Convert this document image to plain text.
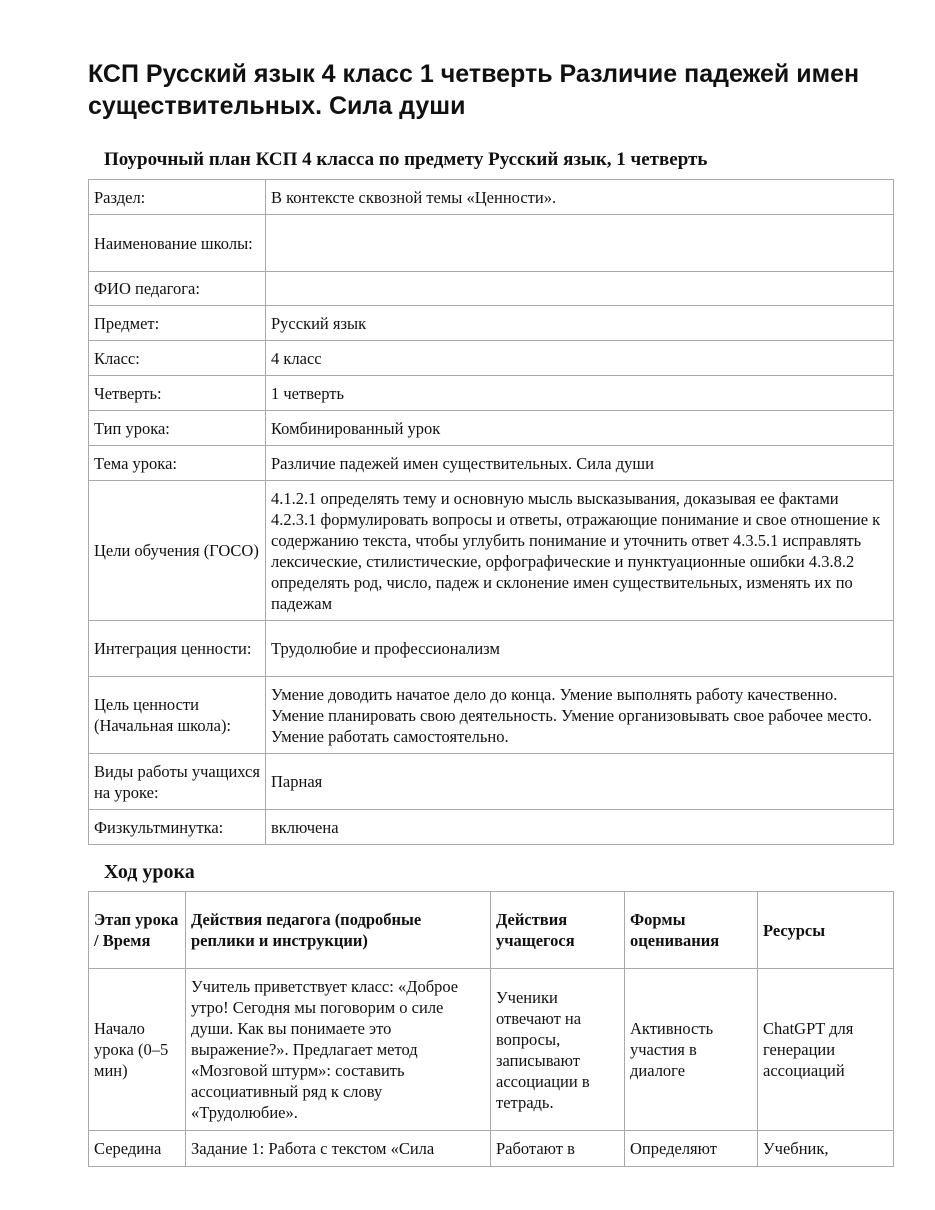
КСП Русский язык 4 класс 1 четверть Различие падежей имен существительных. Сила души
Поурочный план КСП 4 класса по предмету Русский язык, 1 четверть
Раздел:	В контексте сквозной темы «Ценности».
Наименование школы:	
ФИО педагога:	
Предмет:	Русский язык
Класс:	4 класс
Четверть:	1 четверть
Тип урока:	Комбинированный урок
Тема урока:	Различие падежей имен существительных. Сила души
Цели обучения (ГОСО)	4.1.2.1 определять тему и основную мысль высказывания, доказывая ее фактами 4.2.3.1 формулировать вопросы и ответы, отражающие понимание и свое отношение к содержанию текста, чтобы углубить понимание и уточнить ответ 4.3.5.1 исправлять лексические, стилистические, орфографические и пунктуационные ошибки 4.3.8.2 определять род, число, падеж и склонение имен существительных, изменять их по падежам
Интеграция ценности:	Трудолюбие и профессионализм
Цель ценности (Начальная школа):	Умение доводить начатое дело до конца. Умение выполнять работу качественно. Умение планировать свою деятельность. Умение организовывать свое рабочее место. Умение работать самостоятельно.
Виды работы учащихся на уроке:	Парная
Физкультминутка:	включена
Ход урока
Этап урока / Время	Действия педагога (подробные реплики и инструкции)	Действия учащегося	Формы оценивания	Ресурсы
Начало урока (0–5 мин)	Учитель приветствует класс: «Доброе утро! Сегодня мы поговорим о силе души. Как вы понимаете это выражение?». Предлагает метод «Мозговой штурм»: составить ассоциативный ряд к слову «Трудолюбие».	Ученики отвечают на вопросы, записывают ассоциации в тетрадь.	Активность участия в диалоге	ChatGPT для генерации ассоциаций
Середина	Задание 1: Работа с текстом «Сила	Работают в	Определяют	Учебник,
